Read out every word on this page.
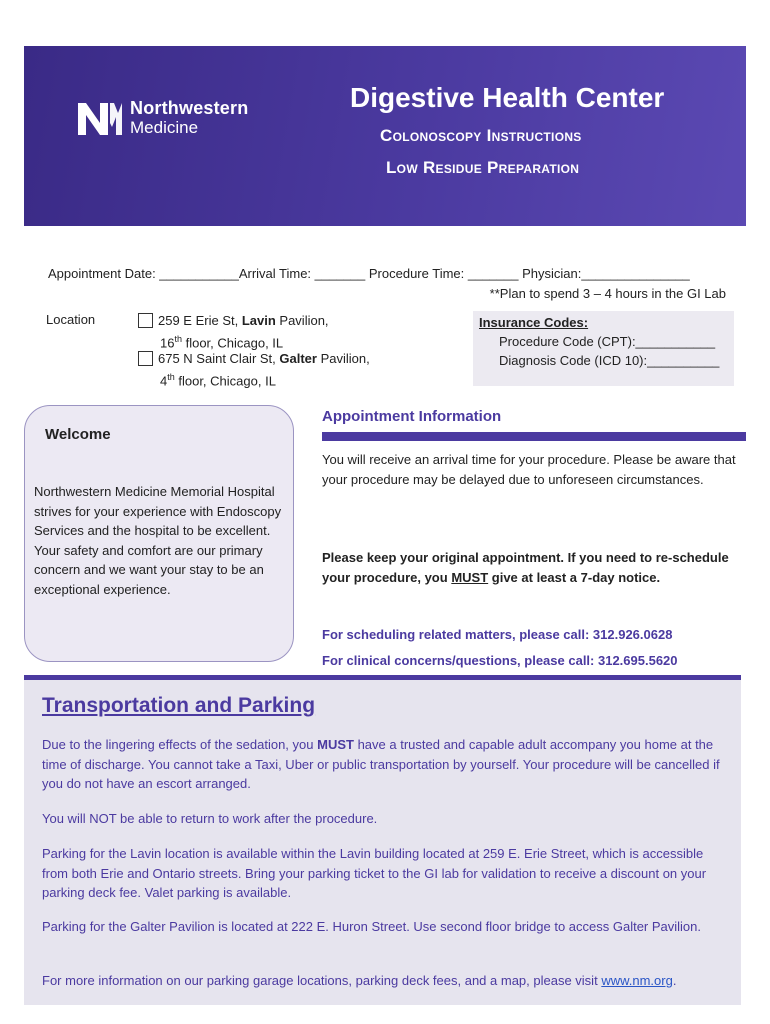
Northwestern
Medicine
Digestive Health Center
Colonoscopy Instructions
Low Residue Preparation
Appointment Date: ___________Arrival Time: _______ Procedure Time: _______ Physician:_______________
**Plan to spend 3 – 4 hours in the GI Lab
Location	259 E Erie St, Lavin Pavilion,
16th floor, Chicago, IL
675 N Saint Clair St, Galter Pavilion,
4th floor, Chicago, IL
Insurance Codes:
Procedure Code (CPT):___________
Diagnosis Code (ICD 10):__________
Welcome
Northwestern Medicine Memorial Hospital strives for your experience with Endoscopy Services and the hospital to be excellent. Your safety and comfort are our primary concern and we want your stay to be an exceptional experience.
Appointment Information
You will receive an arrival time for your procedure. Please be aware that your procedure may be delayed due to unforeseen circumstances.
Please keep your original appointment. If you need to re-schedule your procedure, you MUST give at least a 7-day notice.
For scheduling related matters, please call: 312.926.0628
For clinical concerns/questions, please call: 312.695.5620
Transportation and Parking
Due to the lingering effects of the sedation, you MUST have a trusted and capable adult accompany you home at the time of discharge. You cannot take a Taxi, Uber or public transportation by yourself. Your procedure will be cancelled if you do not have an escort arranged.
You will NOT be able to return to work after the procedure.
Parking for the Lavin location is available within the Lavin building located at 259 E. Erie Street, which is accessible from both Erie and Ontario streets. Bring your parking ticket to the GI lab for validation to receive a discount on your parking deck fee. Valet parking is available.
Parking for the Galter Pavilion is located at 222 E. Huron Street. Use second floor bridge to access Galter Pavilion.
For more information on our parking garage locations, parking deck fees, and a map, please visit www.nm.org.
